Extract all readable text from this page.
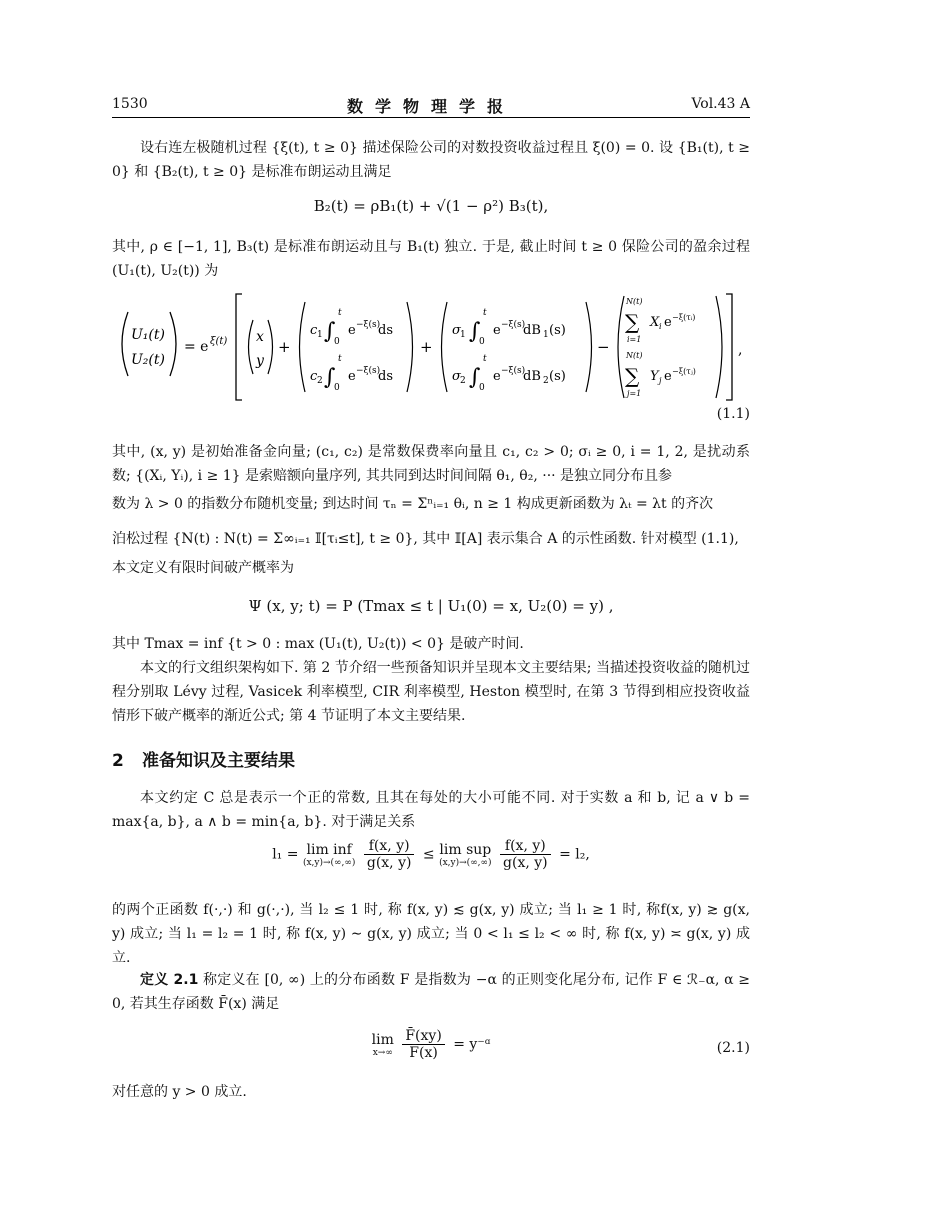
1530	数学物理学报	Vol.43 A
设右连左极随机过程 {ξ(t), t ≥ 0} 描述保险公司的对数投资收益过程且 ξ(0) = 0. 设 {B₁(t), t ≥ 0} 和 {B₂(t), t ≥ 0} 是标准布朗运动且满足
B₂(t) = ρB₁(t) + √(1 − ρ²) B₃(t),
其中, ρ ∈ [−1, 1], B₃(t) 是标准布朗运动且与 B₁(t) 独立. 于是, 截止时间 t ≥ 0 保险公司的盈余过程 (U₁(t), U₂(t)) 为
U₁(t)
U₂(t)
= e ξ(t) x
y
+
c 1 ∫
t
0
e −ξ(s)
ds
c 2 ∫
t
0
e −ξ(s)
ds
+
σ 1 ∫
t
0
e −ξ(s)
dB 1 (s)
σ 2 ∫
t
0
e −ξ(s)
dB 2 (s)
−
N(t)
∑
i=1
X i e −ξ(τᵢ)
N(t)
∑
j=1
Y j e −ξ(τⱼ)
,
(1.1)
其中, (x, y) 是初始准备金向量; (c₁, c₂) 是常数保费率向量且 c₁, c₂ > 0; σᵢ ≥ 0, i = 1, 2, 是扰动系数; {(Xᵢ, Yᵢ), i ≥ 1} 是索赔额向量序列, 其共同到达时间间隔 θ₁, θ₂, ··· 是独立同分布且参
数为 λ > 0 的指数分布随机变量; 到达时间 τₙ = Σⁿᵢ₌₁ θᵢ, n ≥ 1 构成更新函数为 λₜ = λt 的齐次
泊松过程 {N(t) : N(t) = Σ∞ᵢ₌₁ 𝕀[τᵢ≤t], t ≥ 0}, 其中 𝕀[A] 表示集合 A 的示性函数. 针对模型 (1.1),
本文定义有限时间破产概率为
Ψ (x, y; t) = P (Tmax ≤ t | U₁(0) = x, U₂(0) = y) ,
其中 Tmax = inf {t > 0 : max (U₁(t), U₂(t)) < 0} 是破产时间.
本文的行文组织架构如下. 第 2 节介绍一些预备知识并呈现本文主要结果; 当描述投资收益的随机过程分别取 Lévy 过程, Vasicek 利率模型, CIR 利率模型, Heston 模型时, 在第 3 节得到相应投资收益情形下破产概率的渐近公式; 第 4 节证明了本文主要结果.
2 准备知识及主要结果
本文约定 C 总是表示一个正的常数, 且其在每处的大小可能不同. 对于实数 a 和 b, 记 a ∨ b = max{a, b}, a ∧ b = min{a, b}. 对于满足关系
l₁ = lim inf
(x,y)→(∞,∞)
$\frac{f(x, y)}{g(x, y)} \le \lim$ sup
(x,y)→(∞,∞)
$\frac{f(x, y)}{g(x, y)} = l_2$,
的两个正函数 f(·,·) 和 g(·,·), 当 l₂ ≤ 1 时, 称 f(x, y) ≲ g(x, y) 成立; 当 l₁ ≥ 1 时, 称f(x, y) ≳ g(x, y) 成立; 当 l₁ = l₂ = 1 时, 称 f(x, y) ∼ g(x, y) 成立; 当 0 < l₁ ≤ l₂ < ∞ 时, 称 f(x, y) ≍ g(x, y) 成立.
定义 2.1 称定义在 [0, ∞) 上的分布函数 F 是指数为 −α 的正则变化尾分布, 记作 F ∈ ℛ₋α, α ≥ 0, 若其生存函数 F̄(x) 满足
lim
x→∞
$\frac{F̄(xy)}{F̄(x)}$ = y⁻ᵅ	(2.1)
对任意的 y > 0 成立.
